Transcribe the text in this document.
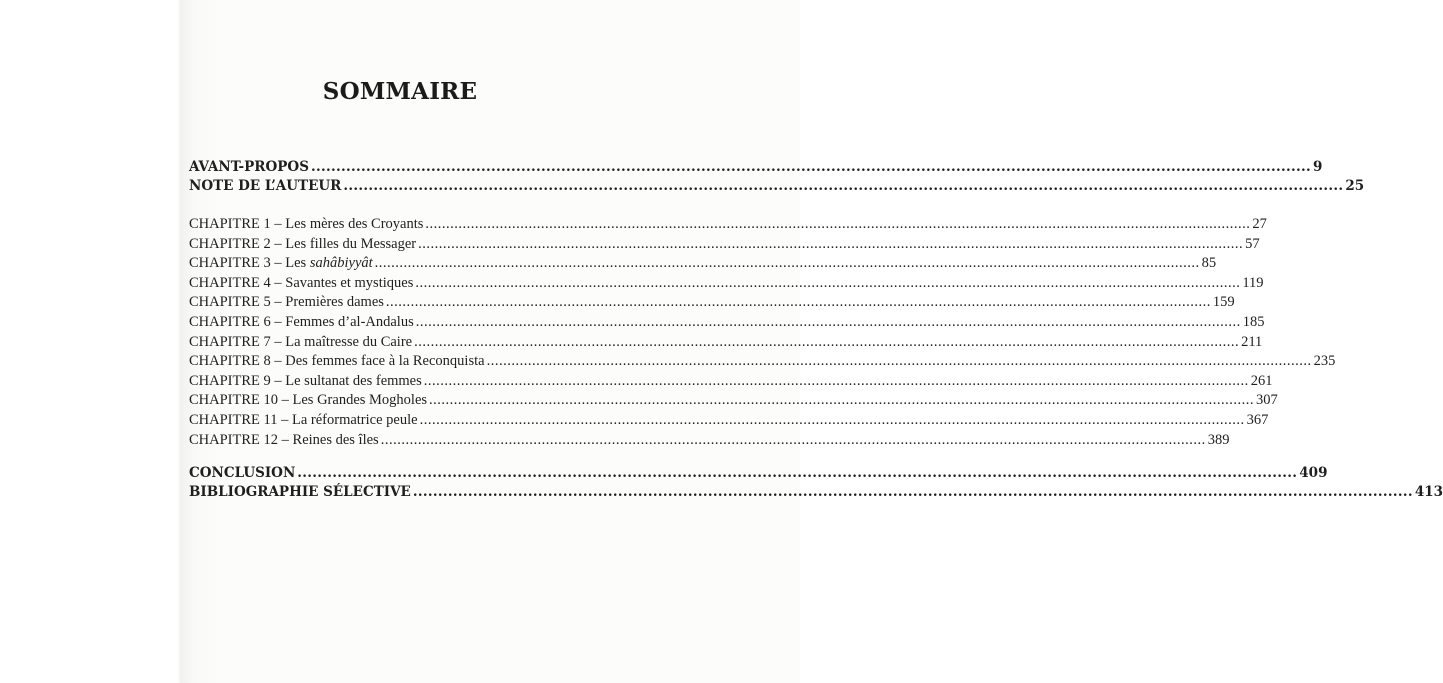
SOMMAIRE
AVANT-PROPOS ........................................................................................................................................................................................................ 9
NOTE DE L’AUTEUR ........................................................................................................................................................................................................ 25
CHAPITRE 1 – Les mères des Croyants ........................................................................................................................................................................................................ 27
CHAPITRE 2 – Les filles du Messager ........................................................................................................................................................................................................ 57
CHAPITRE 3 – Les sahâbiyyât ........................................................................................................................................................................................................ 85
CHAPITRE 4 – Savantes et mystiques ........................................................................................................................................................................................................ 119
CHAPITRE 5 – Premières dames ........................................................................................................................................................................................................ 159
CHAPITRE 6 – Femmes d’al-Andalus ........................................................................................................................................................................................................ 185
CHAPITRE 7 – La maîtresse du Caire ........................................................................................................................................................................................................ 211
CHAPITRE 8 – Des femmes face à la Reconquista ........................................................................................................................................................................................................ 235
CHAPITRE 9 – Le sultanat des femmes ........................................................................................................................................................................................................ 261
CHAPITRE 10 – Les Grandes Mogholes ........................................................................................................................................................................................................ 307
CHAPITRE 11 – La réformatrice peule ........................................................................................................................................................................................................ 367
CHAPITRE 12 – Reines des îles ........................................................................................................................................................................................................ 389
CONCLUSION ........................................................................................................................................................................................................ 409
BIBLIOGRAPHIE SÉLECTIVE ........................................................................................................................................................................................................ 413
